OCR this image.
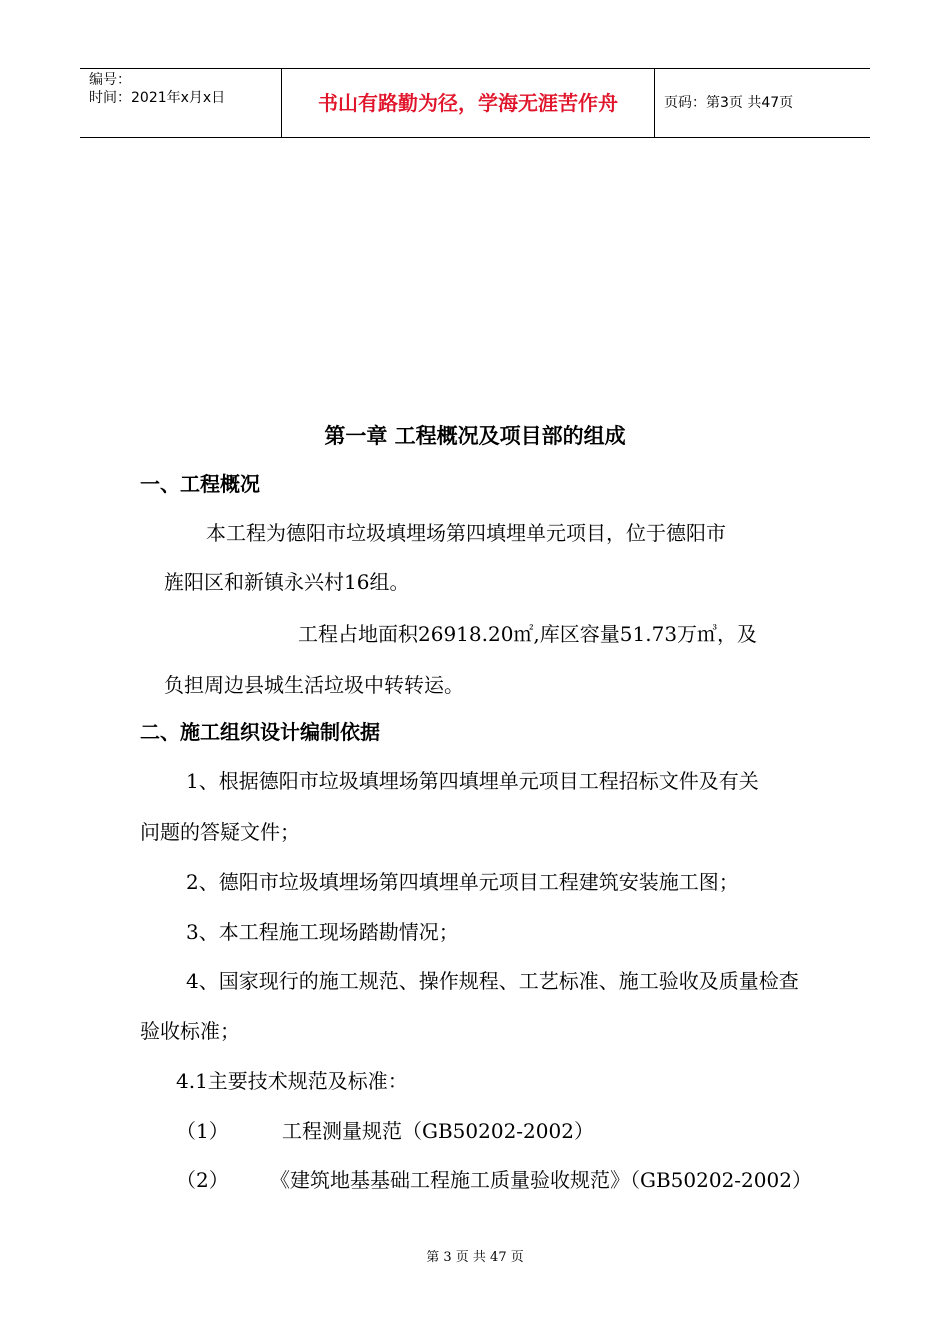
编号：
时间：2021年x月x日	书山有路勤为径，学海无涯苦作舟	页码：第3页 共47页
第一章 工程概况及项目部的组成
一、工程概况
本工程为德阳市垃圾填埋场第四填埋单元项目，位于德阳市
旌阳区和新镇永兴村16组。
工程占地面积26918.20㎡,库区容量51.73万㎥，及
负担周边县城生活垃圾中转转运。
二、施工组织设计编制依据
1、根据德阳市垃圾填埋场第四填埋单元项目工程招标文件及有关
问题的答疑文件；
2、德阳市垃圾填埋场第四填埋单元项目工程建筑安装施工图；
3、本工程施工现场踏勘情况；
4、国家现行的施工规范、操作规程、工艺标准、施工验收及质量检查
验收标准；
4.1主要技术规范及标准：
（1）	工程测量规范（GB50202-2002）
（2） 《建筑地基基础工程施工质量验收规范》（GB50202-2002）
第 3 页 共 47 页
